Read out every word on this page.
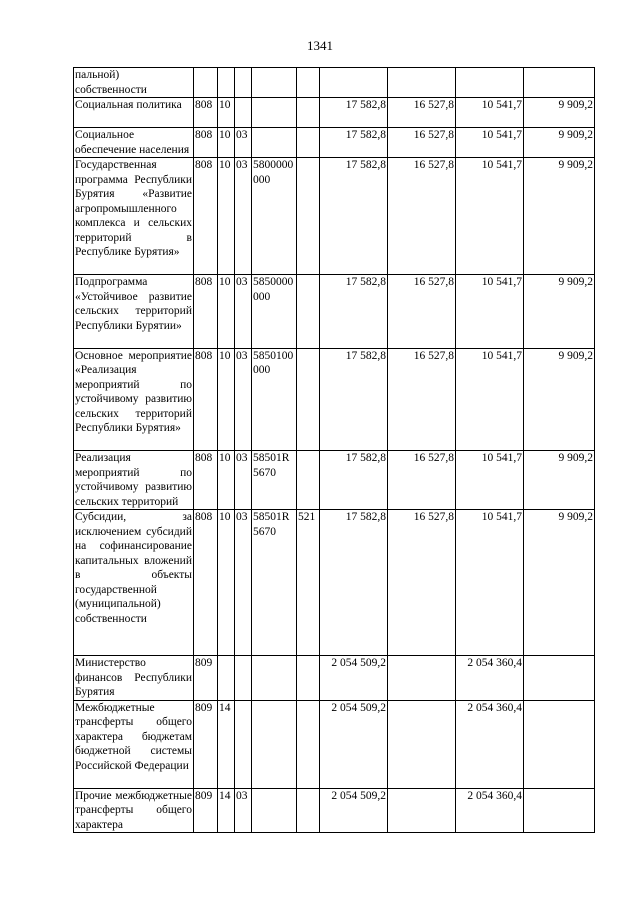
1341
пальной) собственности									
Социальная политика	808	10				17 582,8	16 527,8	10 541,7	9 909,2
Социальное обеспечение населения	808	10	03			17 582,8	16 527,8	10 541,7	9 909,2
Государственная программа Республики Бурятия «Развитие агропромышленного комплекса и сельских территорий в Республике Бурятия»	808	10	03	5800000000		17 582,8	16 527,8	10 541,7	9 909,2
Подпрограмма «Устойчивое развитие сельских территорий Республики Бурятии»	808	10	03	5850000000		17 582,8	16 527,8	10 541,7	9 909,2
Основное мероприятие «Реализация мероприятий по устойчивому развитию сельских территорий Республики Бурятия»	808	10	03	5850100000		17 582,8	16 527,8	10 541,7	9 909,2
Реализация мероприятий по устойчивому развитию сельских территорий	808	10	03	58501R5670		17 582,8	16 527,8	10 541,7	9 909,2
Субсидии, за исключением субсидий на софинансирование капитальных вложений в объекты государственной (муниципальной) собственности	808	10	03	58501R5670	521	17 582,8	16 527,8	10 541,7	9 909,2
Министерство финансов Республики Бурятия	809					2 054 509,2		2 054 360,4	
Межбюджетные трансферты общего характера бюджетам бюджетной системы Российской Федерации	809	14				2 054 509,2		2 054 360,4	
Прочие межбюджетные трансферты общего характера	809	14	03			2 054 509,2		2 054 360,4	
